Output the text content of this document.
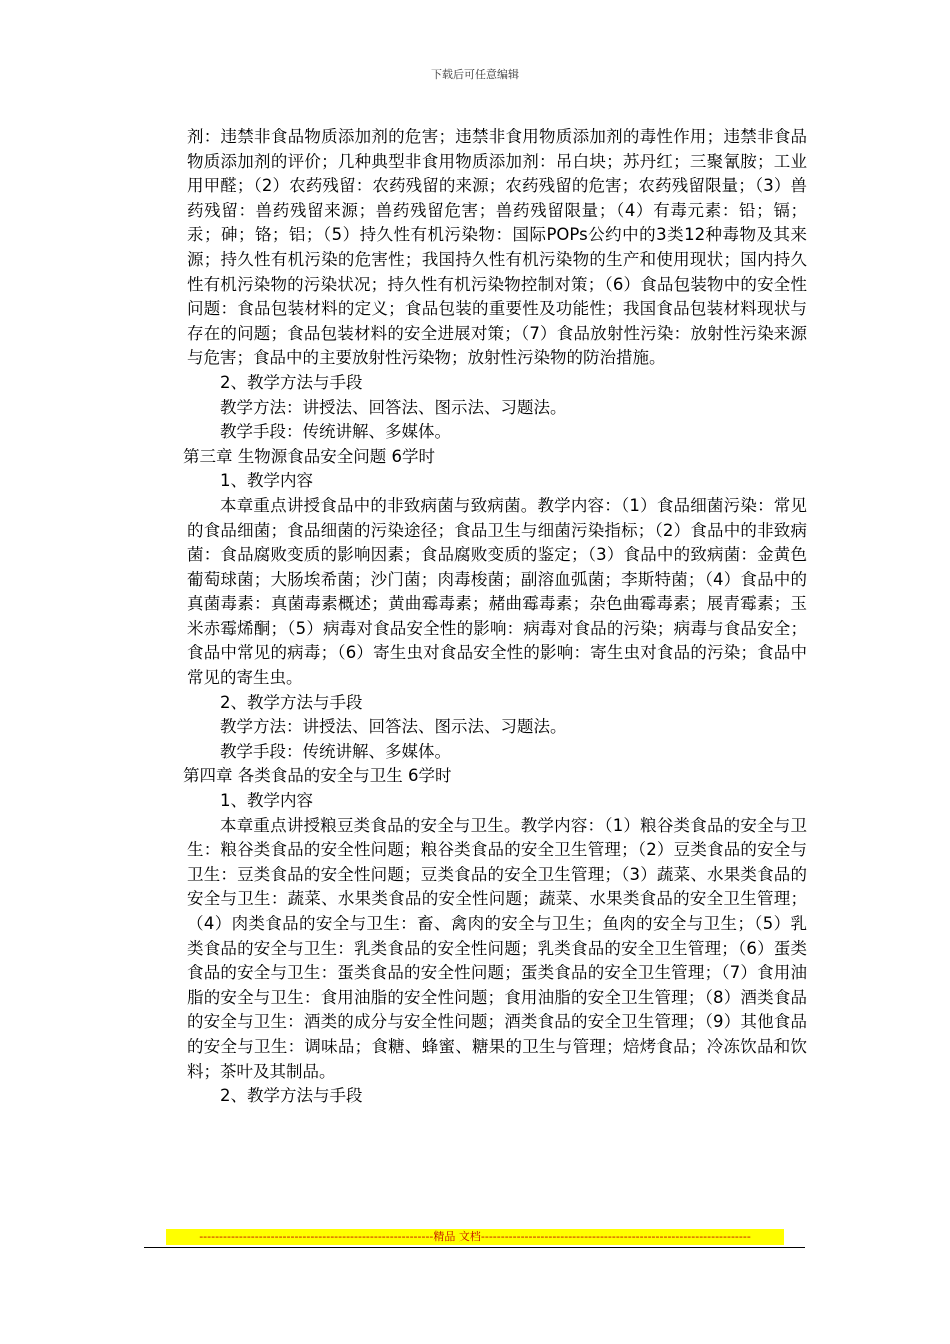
下载后可任意编辑

剂：违禁非食品物质添加剂的危害；违禁非食用物质添加剂的毒性作用；违禁非食品物质添加剂的评价；几种典型非食用物质添加剂：吊白块；苏丹红；三聚氰胺；工业用甲醛；（2）农药残留：农药残留的来源；农药残留的危害；农药残留限量；（3）兽药残留：兽药残留来源；兽药残留危害；兽药残留限量；（4）有毒元素：铅；镉；汞；砷；铬；铝；（5）持久性有机污染物：国际POPs公约中的3类12种毒物及其来源；持久性有机污染的危害性；我国持久性有机污染物的生产和使用现状；国内持久性有机污染物的污染状况；持久性有机污染物控制对策；（6）食品包装物中的安全性问题：食品包装材料的定义；食品包装的重要性及功能性；我国食品包装材料现状与存在的问题；食品包装材料的安全进展对策；（7）食品放射性污染：放射性污染来源与危害；食品中的主要放射性污染物；放射性污染物的防治措施。

2、教学方法与手段

教学方法：讲授法、回答法、图示法、习题法。

教学手段：传统讲解、多媒体。

第三章 生物源食品安全问题 6学时

1、教学内容

本章重点讲授食品中的非致病菌与致病菌。教学内容：（1）食品细菌污染：常见的食品细菌；食品细菌的污染途径；食品卫生与细菌污染指标；（2）食品中的非致病菌：食品腐败变质的影响因素；食品腐败变质的鉴定；（3）食品中的致病菌：金黄色葡萄球菌；大肠埃希菌；沙门菌；肉毒梭菌；副溶血弧菌；李斯特菌；（4）食品中的真菌毒素：真菌毒素概述；黄曲霉毒素；赭曲霉毒素；杂色曲霉毒素；展青霉素；玉米赤霉烯酮；（5）病毒对食品安全性的影响：病毒对食品的污染；病毒与食品安全；食品中常见的病毒；（6）寄生虫对食品安全性的影响：寄生虫对食品的污染；食品中常见的寄生虫。

2、教学方法与手段

教学方法：讲授法、回答法、图示法、习题法。

教学手段：传统讲解、多媒体。

第四章 各类食品的安全与卫生 6学时

1、教学内容

本章重点讲授粮豆类食品的安全与卫生。教学内容：（1）粮谷类食品的安全与卫生：粮谷类食品的安全性问题；粮谷类食品的安全卫生管理；（2）豆类食品的安全与卫生：豆类食品的安全性问题；豆类食品的安全卫生管理；（3）蔬菜、水果类食品的安全与卫生：蔬菜、水果类食品的安全性问题；蔬菜、水果类食品的安全卫生管理；（4）肉类食品的安全与卫生：畜、禽肉的安全与卫生；鱼肉的安全与卫生；（5）乳类食品的安全与卫生：乳类食品的安全性问题；乳类食品的安全卫生管理；（6）蛋类食品的安全与卫生：蛋类食品的安全性问题；蛋类食品的安全卫生管理；（7）食用油脂的安全与卫生：食用油脂的安全性问题；食用油脂的安全卫生管理；（8）酒类食品的安全与卫生：酒类的成分与安全性问题；酒类食品的安全卫生管理；（9）其他食品的安全与卫生：调味品；食糖、蜂蜜、糖果的卫生与管理；焙烤食品；冷冻饮品和饮料；茶叶及其制品。

2、教学方法与手段

-----------------------------------------------------------精品 文档--------------------------------------------------------------------
